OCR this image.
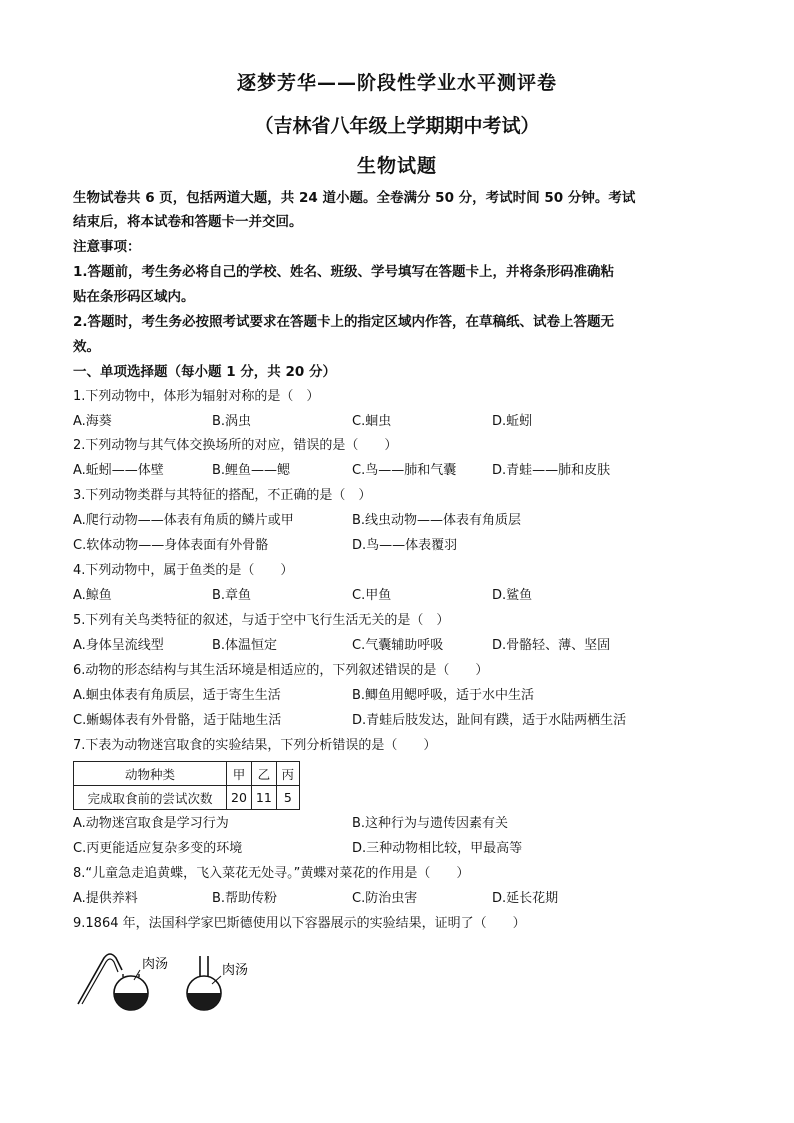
逐梦芳华——阶段性学业水平测评卷
（吉林省八年级上学期期中考试）
生物试题
生物试卷共 6 页，包括两道大题，共 24 道小题。全卷满分 50 分，考试时间 50 分钟。考试
结束后，将本试卷和答题卡一并交回。
注意事项：
1.答题前，考生务必将自己的学校、姓名、班级、学号填写在答题卡上，并将条形码准确粘
贴在条形码区域内。
2.答题时，考生务必按照考试要求在答题卡上的指定区域内作答，在草稿纸、试卷上答题无
效。
一、单项选择题（每小题 1 分，共 20 分）
1.下列动物中，体形为辐射对称的是（　）
A.海葵	B.涡虫	C.蛔虫	D.蚯蚓
2.下列动物与其气体交换场所的对应，错误的是（　　）
A.蚯蚓——体壁	B.鲤鱼——鳃	C.鸟——肺和气囊	D.青蛙——肺和皮肤
3.下列动物类群与其特征的搭配，不正确的是（　）
A.爬行动物——体表有角质的鳞片或甲	B.线虫动物——体表有角质层
C.软体动物——身体表面有外骨骼	D.鸟——体表覆羽
4.下列动物中，属于鱼类的是（　　）
A.鲸鱼	B.章鱼	C.甲鱼	D.鲨鱼
5.下列有关鸟类特征的叙述，与适于空中飞行生活无关的是（　）
A.身体呈流线型	B.体温恒定	C.气囊辅助呼吸	D.骨骼轻、薄、坚固
6.动物的形态结构与其生活环境是相适应的，下列叙述错误的是（　　）
A.蛔虫体表有角质层，适于寄生生活	B.鲫鱼用鳃呼吸，适于水中生活
C.蜥蜴体表有外骨骼，适于陆地生活	D.青蛙后肢发达，趾间有蹼，适于水陆两栖生活
7.下表为动物迷宫取食的实验结果，下列分析错误的是（　　）
动物种类	甲	乙	丙
完成取食前的尝试次数	20	11	5
A.动物迷宫取食是学习行为	B.这种行为与遗传因素有关
C.丙更能适应复杂多变的环境	D.三种动物相比较，甲最高等
8.“儿童急走追黄蝶，飞入菜花无处寻。”黄蝶对菜花的作用是（　　）
A.提供养料	B.帮助传粉	C.防治虫害	D.延长花期
9.1864 年，法国科学家巴斯德使用以下容器展示的实验结果，证明了（　　）
肉汤	肉汤
